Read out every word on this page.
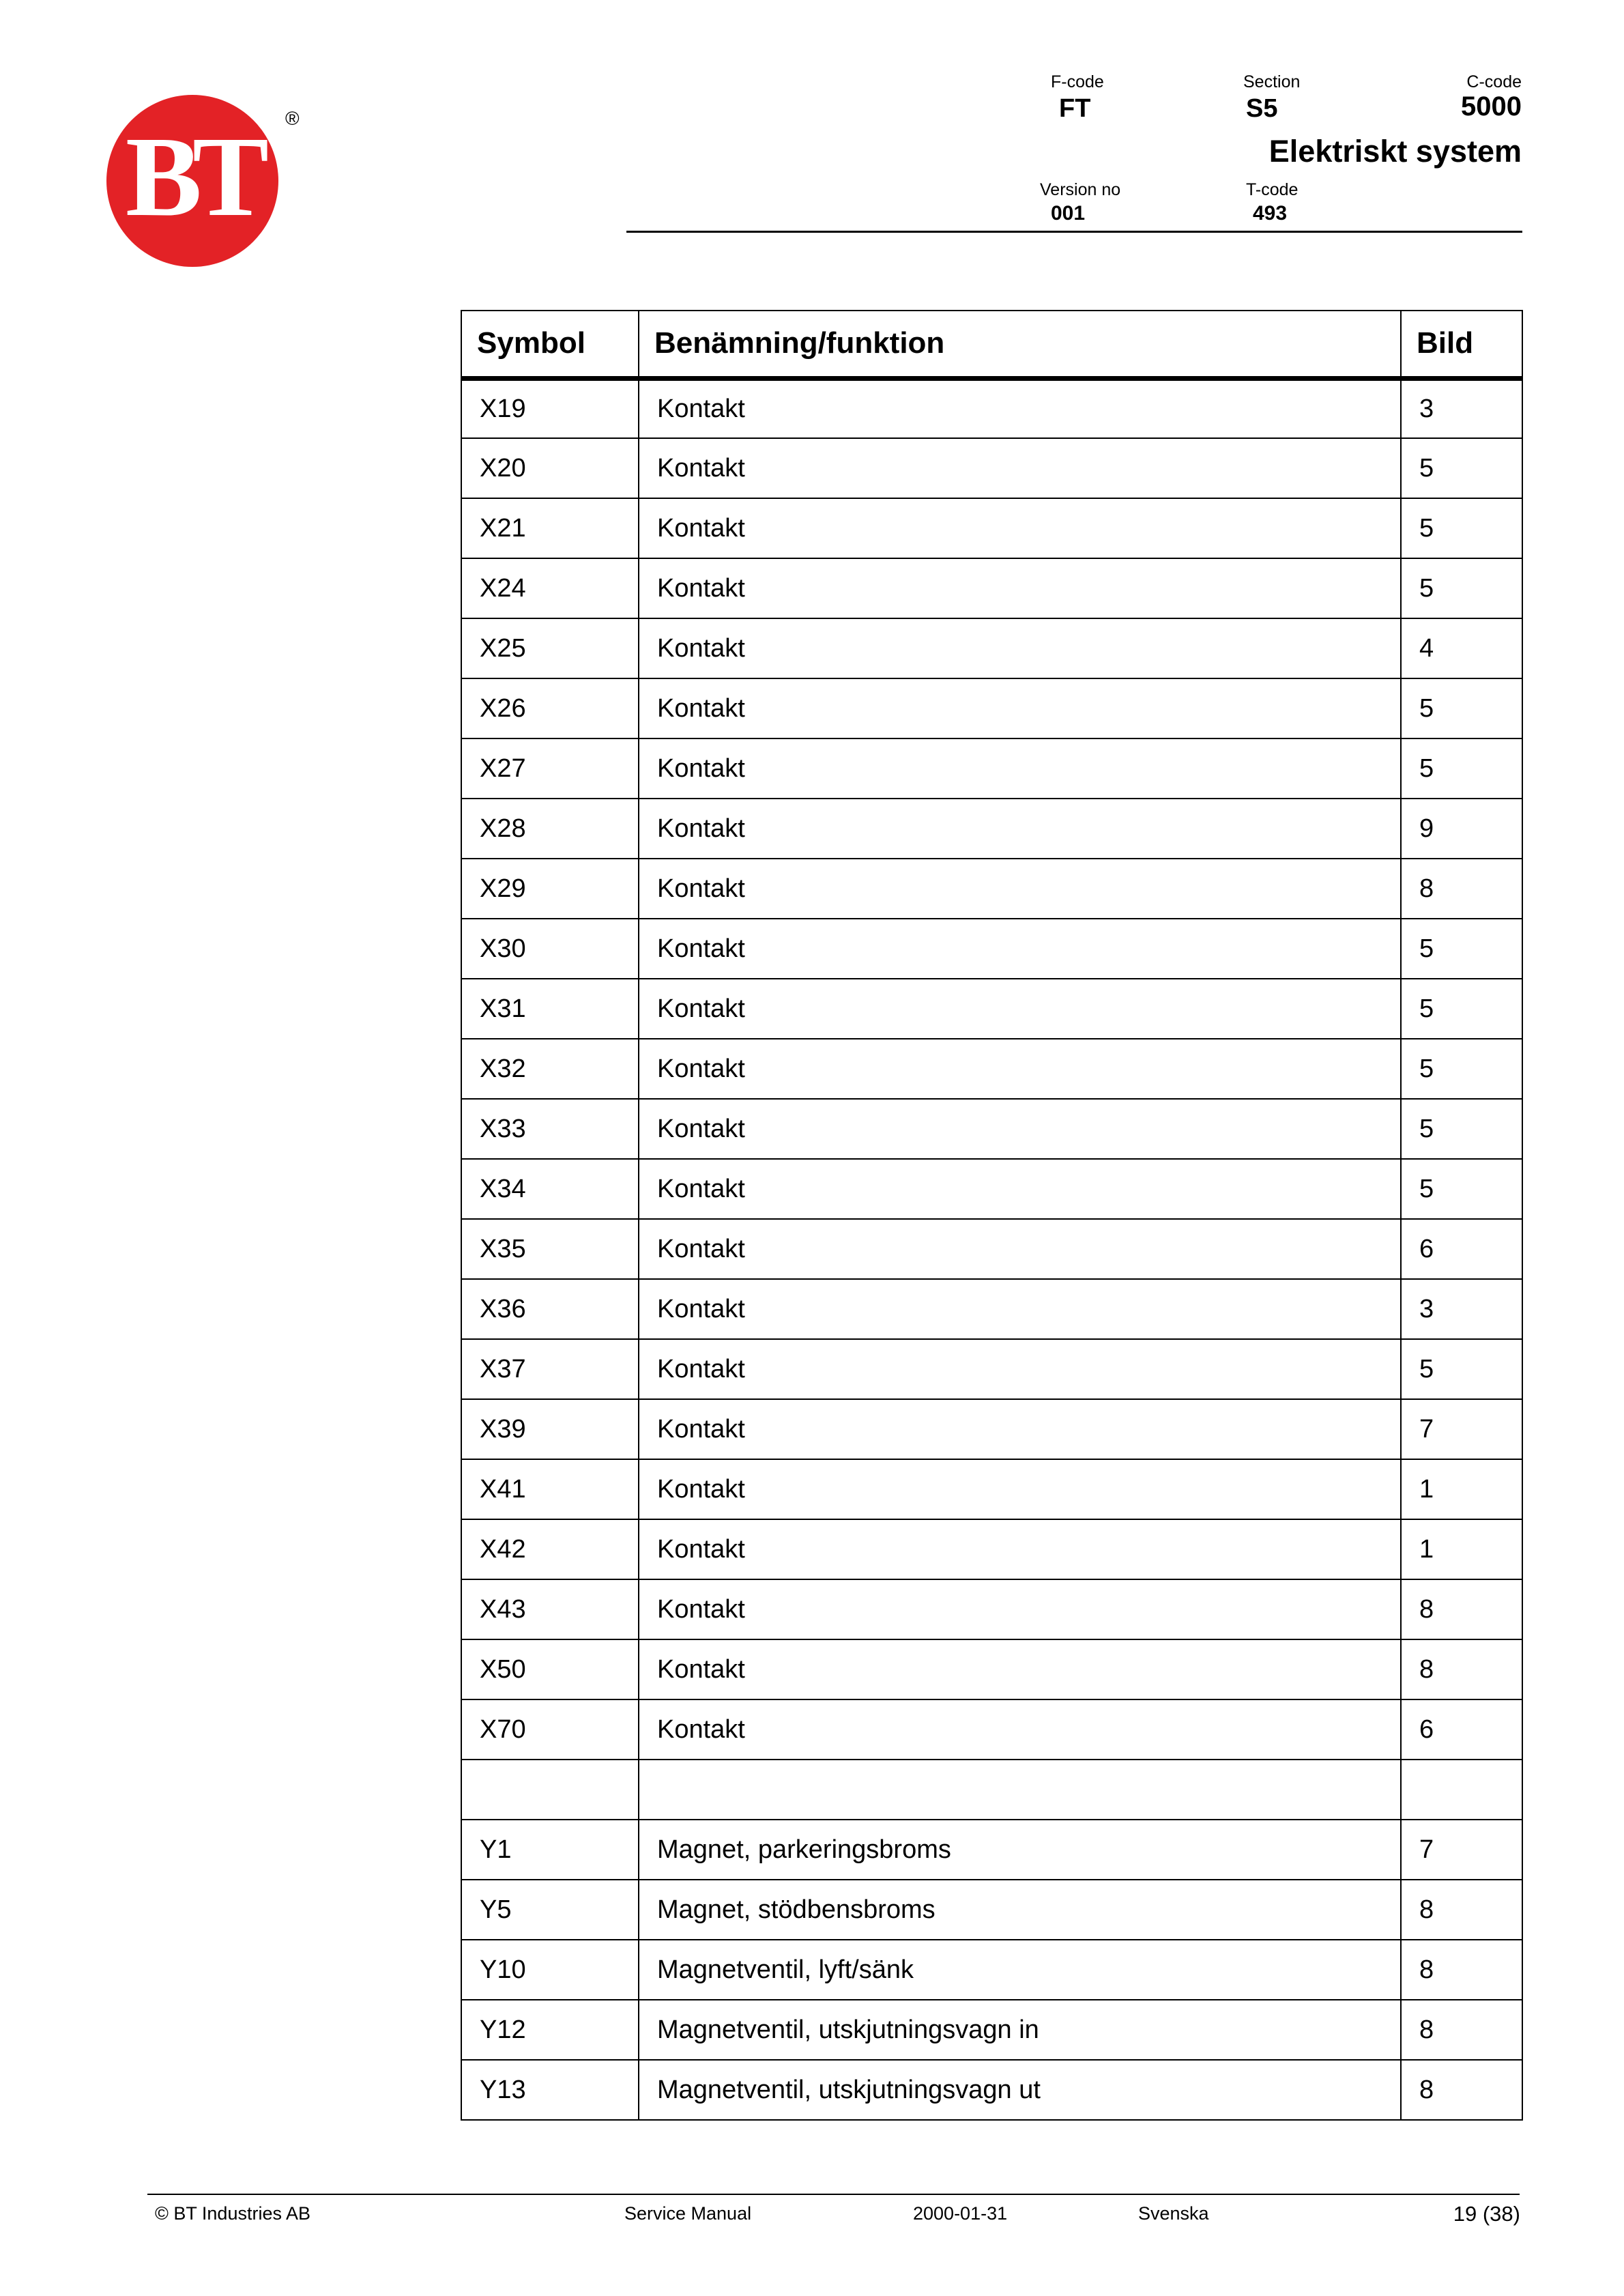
BT ®
F-code
FT
Section
S5
C-code
5000
Elektriskt system
Version no
001
T-code
493
Symbol	Benämning/funktion	Bild
X19	Kontakt	3
X20	Kontakt	5
X21	Kontakt	5
X24	Kontakt	5
X25	Kontakt	4
X26	Kontakt	5
X27	Kontakt	5
X28	Kontakt	9
X29	Kontakt	8
X30	Kontakt	5
X31	Kontakt	5
X32	Kontakt	5
X33	Kontakt	5
X34	Kontakt	5
X35	Kontakt	6
X36	Kontakt	3
X37	Kontakt	5
X39	Kontakt	7
X41	Kontakt	1
X42	Kontakt	1
X43	Kontakt	8
X50	Kontakt	8
X70	Kontakt	6

Y1	Magnet, parkeringsbroms	7
Y5	Magnet, stödbensbroms	8
Y10	Magnetventil, lyft/sänk	8
Y12	Magnetventil, utskjutningsvagn in	8
Y13	Magnetventil, utskjutningsvagn ut	8
© BT Industries AB	Service Manual	2000-01-31	Svenska	19 (38)
